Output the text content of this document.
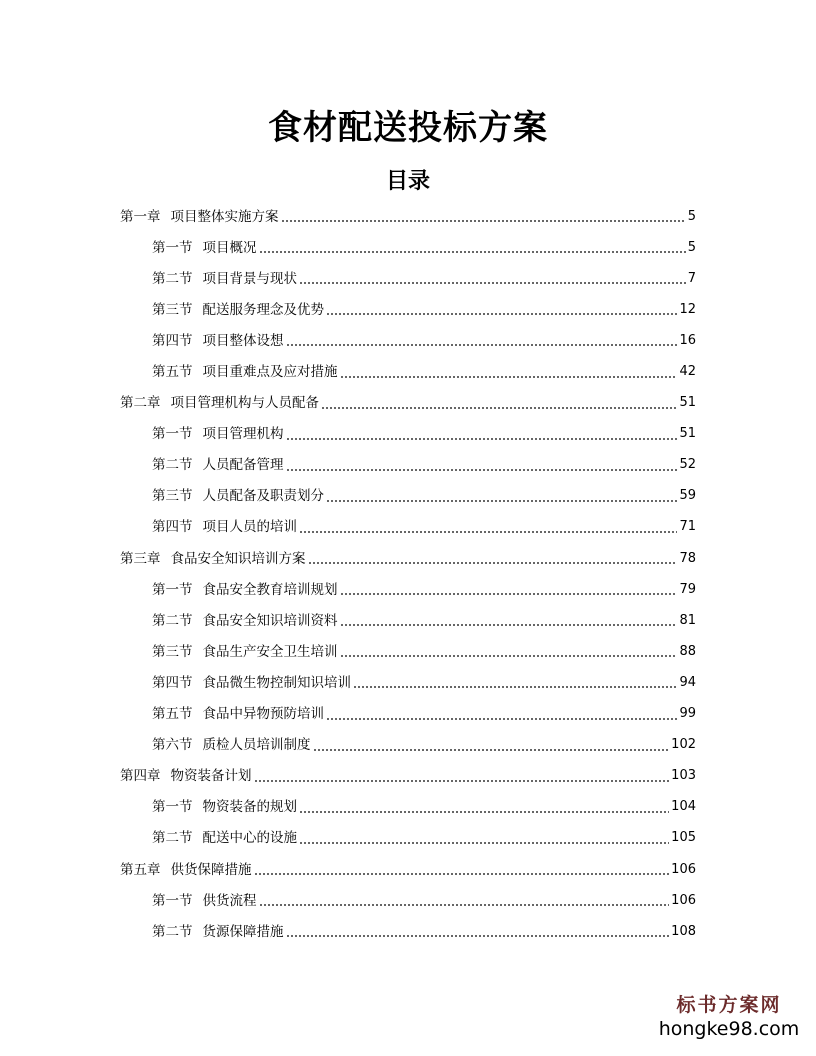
食材配送投标方案
目录
第一章 项目整体实施方案	5
第一节 项目概况	5
第二节 项目背景与现状	7
第三节 配送服务理念及优势	12
第四节 项目整体设想	16
第五节 项目重难点及应对措施	42
第二章 项目管理机构与人员配备	51
第一节 项目管理机构	51
第二节 人员配备管理	52
第三节 人员配备及职责划分	59
第四节 项目人员的培训	71
第三章 食品安全知识培训方案	78
第一节 食品安全教育培训规划	79
第二节 食品安全知识培训资料	81
第三节 食品生产安全卫生培训	88
第四节 食品微生物控制知识培训	94
第五节 食品中异物预防培训	99
第六节 质检人员培训制度	102
第四章 物资装备计划	103
第一节 物资装备的规划	104
第二节 配送中心的设施	105
第五章 供货保障措施	106
第一节 供货流程	106
第二节 货源保障措施	108
标书方案网
hongke98.com
